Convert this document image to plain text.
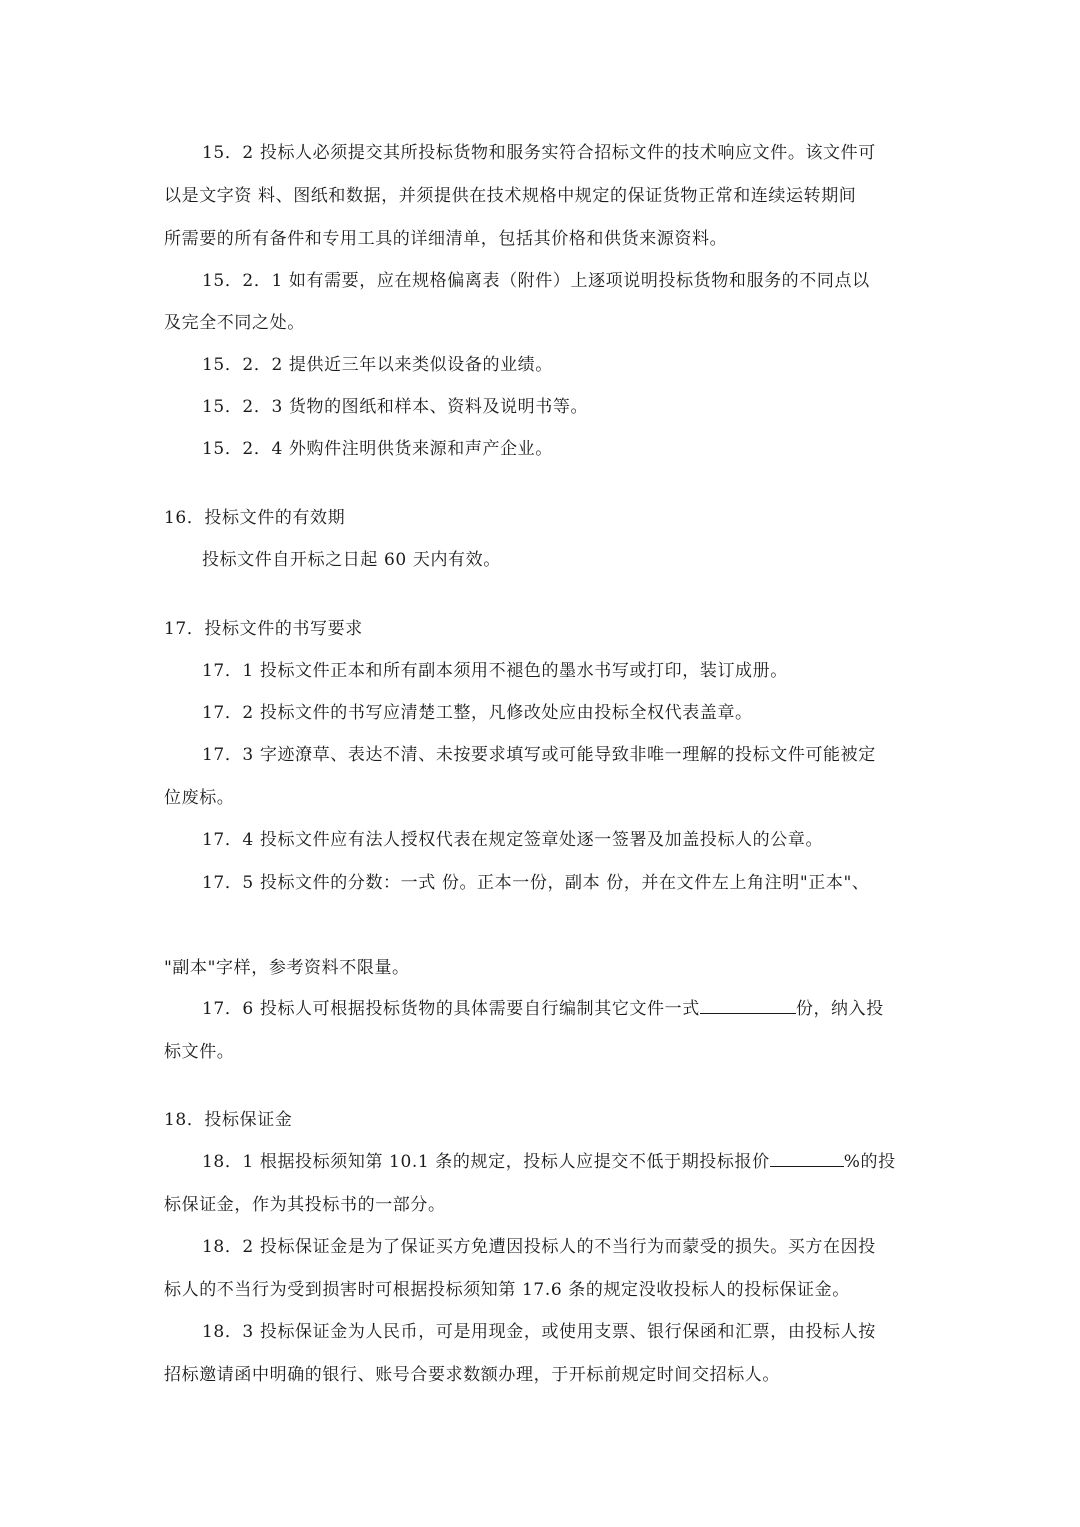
15．2 投标人必须提交其所投标货物和服务实符合招标文件的技术响应文件。该文件可
以是文字资 料、图纸和数据，并须提供在技术规格中规定的保证货物正常和连续运转期间
所需要的所有备件和专用工具的详细清单，包括其价格和供货来源资料。
15．2．1 如有需要，应在规格偏离表（附件）上逐项说明投标货物和服务的不同点以
及完全不同之处。
15．2．2 提供近三年以来类似设备的业绩。
15．2．3 货物的图纸和样本、资料及说明书等。
15．2．4 外购件注明供货来源和声产企业。
16．投标文件的有效期
投标文件自开标之日起 60 天内有效。
17．投标文件的书写要求
17．1 投标文件正本和所有副本须用不褪色的墨水书写或打印，装订成册。
17．2 投标文件的书写应清楚工整，凡修改处应由投标全权代表盖章。
17．3 字迹潦草、表达不清、未按要求填写或可能导致非唯一理解的投标文件可能被定
位废标。
17．4 投标文件应有法人授权代表在规定签章处逐一签署及加盖投标人的公章。
17．5 投标文件的分数：一式 份。正本一份，副本 份，并在文件左上角注明"正本"、
"副本"字样，参考资料不限量。
17．6 投标人可根据投标货物的具体需要自行编制其它文件一式	份，纳入投
标文件。
18．投标保证金
18．1 根据投标须知第 10.1 条的规定，投标人应提交不低于期投标报价	%的投
标保证金，作为其投标书的一部分。
18．2 投标保证金是为了保证买方免遭因投标人的不当行为而蒙受的损失。买方在因投
标人的不当行为受到损害时可根据投标须知第 17.6 条的规定没收投标人的投标保证金。
18．3 投标保证金为人民币，可是用现金，或使用支票、银行保函和汇票，由投标人按
招标邀请函中明确的银行、账号合要求数额办理，于开标前规定时间交招标人。
